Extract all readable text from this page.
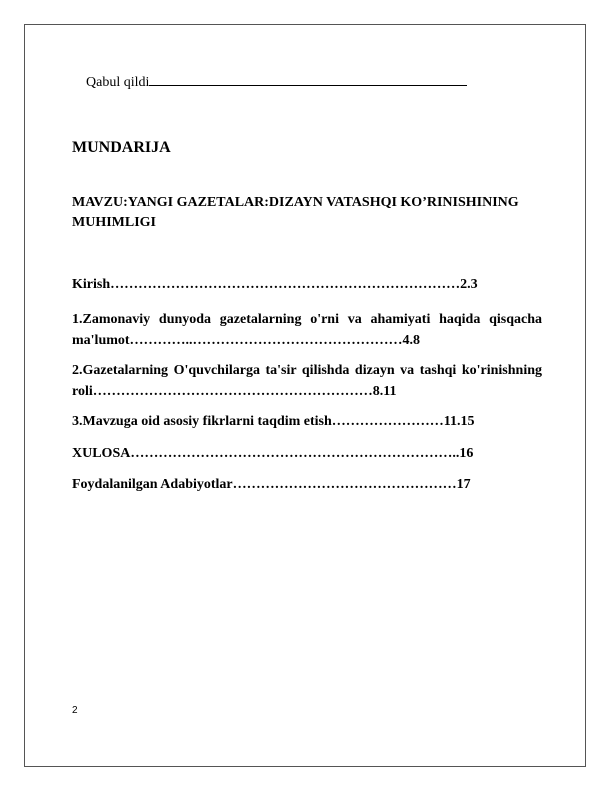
Qabul qildi
MUNDARIJA
MAVZU:YANGI GAZETALAR:DIZAYN VATASHQI KO’RINISHINING MUHIMLIGI
Kirish…………………………………………………………………2.3
1.Zamonaviy dunyoda gazetalarning o'rni va ahamiyati haqida qisqacha ma'lumot…………..………………………………………4.8
2.Gazetalarning O'quvchilarga ta'sir qilishda dizayn va tashqi ko'rinishning roli……………………………………………………8.11
3.Mavzuga oid asosiy fikrlarni taqdim etish……………………11.15
XULOSA……………………………………………………………..16
Foydalanilgan Adabiyotlar…………………………………………17
2
